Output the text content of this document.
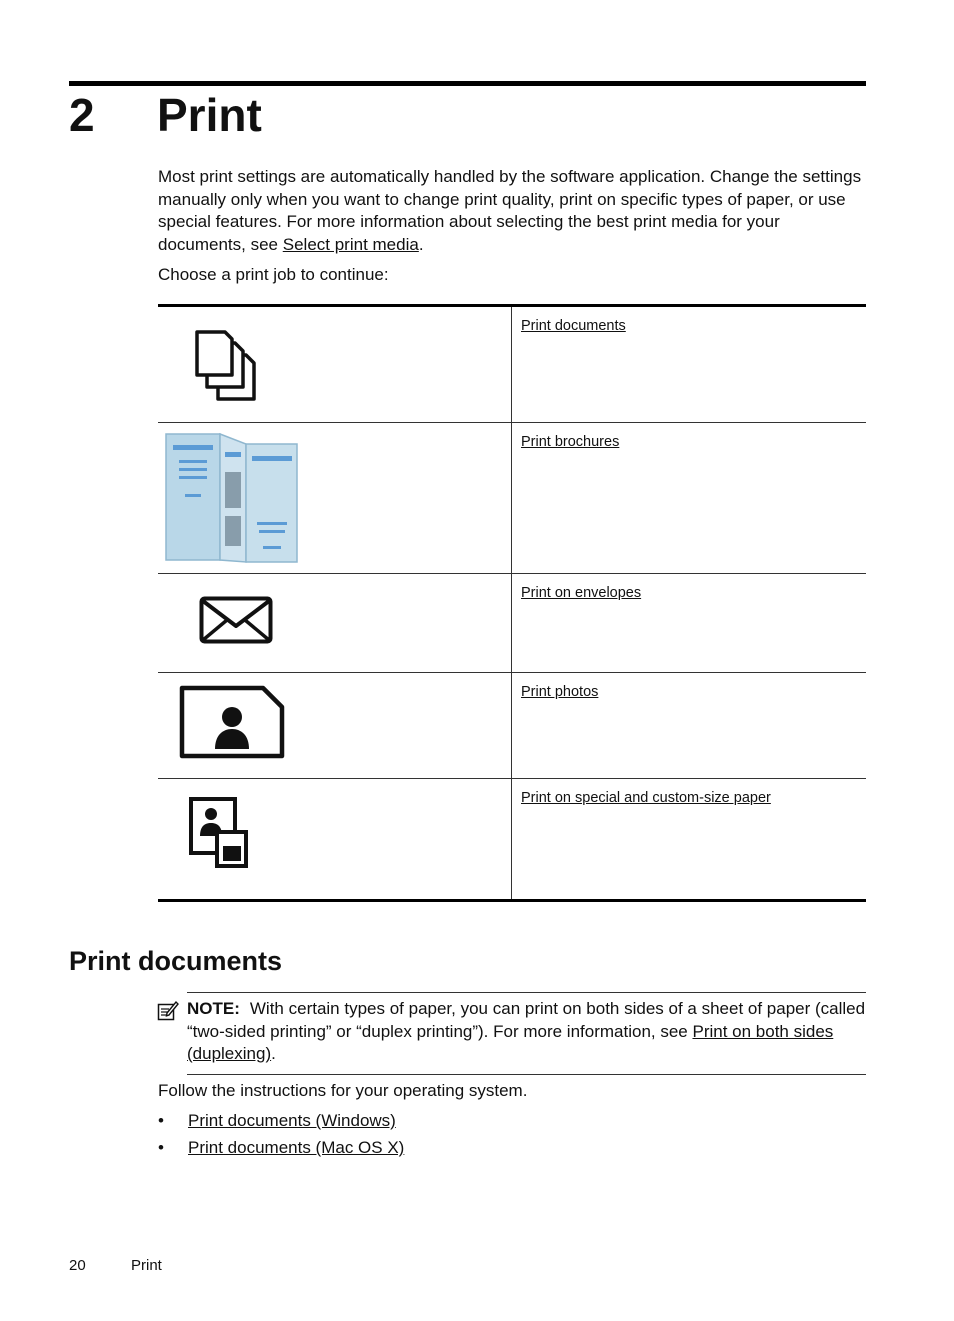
2 Print

Most print settings are automatically handled by the software application. Change the settings manually only when you want to change print quality, print on specific types of paper, or use special features. For more information about selecting the best print media for your documents, see Select print media.

Choose a print job to continue:
	Print documents

	Print brochures

	Print on envelopes

	Print photos

	Print on special and custom-size paper
Print documents
NOTE: With certain types of paper, you can print on both sides of a sheet of paper (called “two-sided printing” or “duplex printing”). For more information, see Print on both sides (duplexing).
Follow the instructions for your operating system.
• Print documents (Windows)
• Print documents (Mac OS X)
20	Print
